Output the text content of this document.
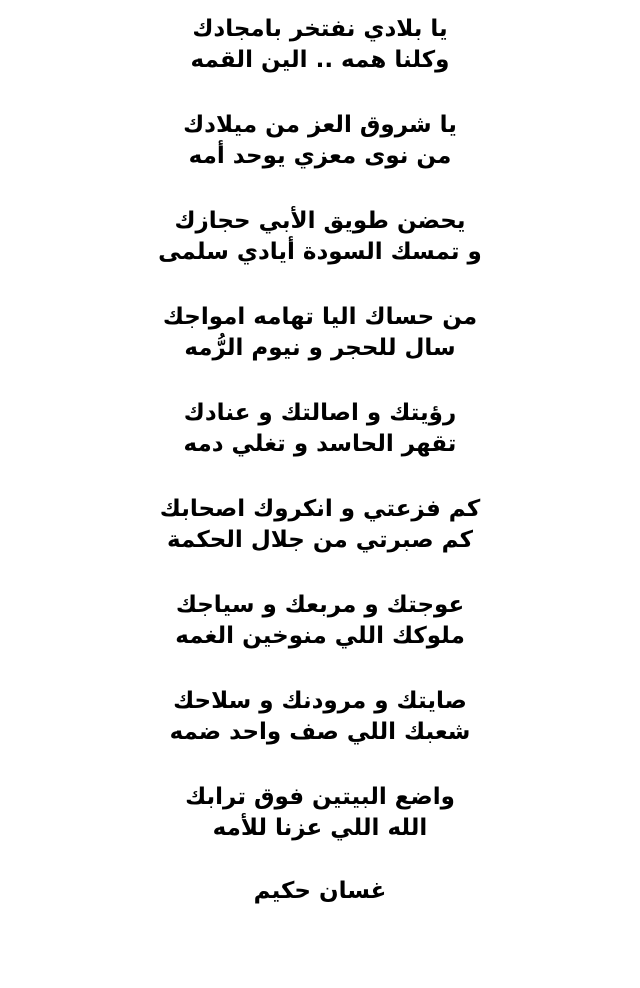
يا بلادي نفتخر بامجادك
وكلنا همه .. الين القمه
يا شروق العز من ميلادك
من نوى معزي يوحد أمه
يحضن طويق الأبي حجازك
و تمسك السودة أيادي سلمى
من حساك اليا تهامه امواجك
سال للحجر و نيوم الرُّمه
رؤيتك و اصالتك و عنادك
تقهر الحاسد و تغلي دمه
كم فزعتي و انكروك اصحابك
كم صبرتي من جلال الحكمة
عوجتك و مربعك و سياجك
ملوكك اللي منوخين الغمه
صايتك و مرودنك و سلاحك
شعبك اللي صف واحد ضمه
واضع البيتين فوق ترابك
الله اللي عزنا للأمه
غسان حكيم
